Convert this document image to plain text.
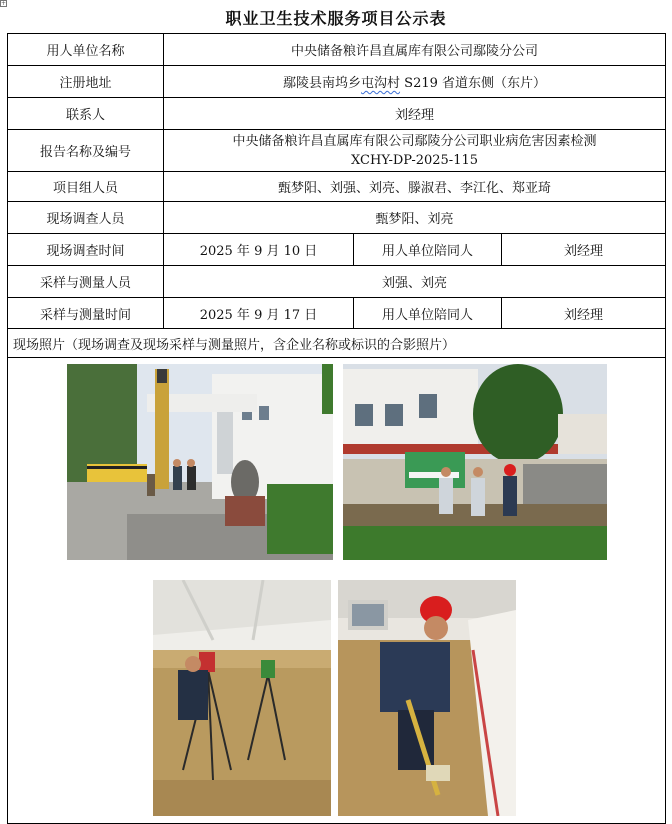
+
职业卫生技术服务项目公示表
用人单位名称	中央储备粮许昌直属库有限公司鄢陵分公司		
注册地址	鄢陵县南坞乡屯沟村 S219 省道东侧（东片）		
联系人	刘经理		
报告名称及编号	中央储备粮许昌直属库有限公司鄢陵分公司职业病危害因素检测
XCHY-DP-2025-115		

项目组人员	甄梦阳、刘强、刘亮、滕淑君、李江化、郑亚琦		
现场调查人员	甄梦阳、刘亮		
现场调查时间	2025 年 9 月 10 日	用人单位陪同人	刘经理
采样与测量人员	刘强、刘亮		
采样与测量时间	2025 年 9 月 17 日	用人单位陪同人	刘经理
现场照片（现场调查及现场采样与测量照片，含企业名称或标识的合影照片）			
